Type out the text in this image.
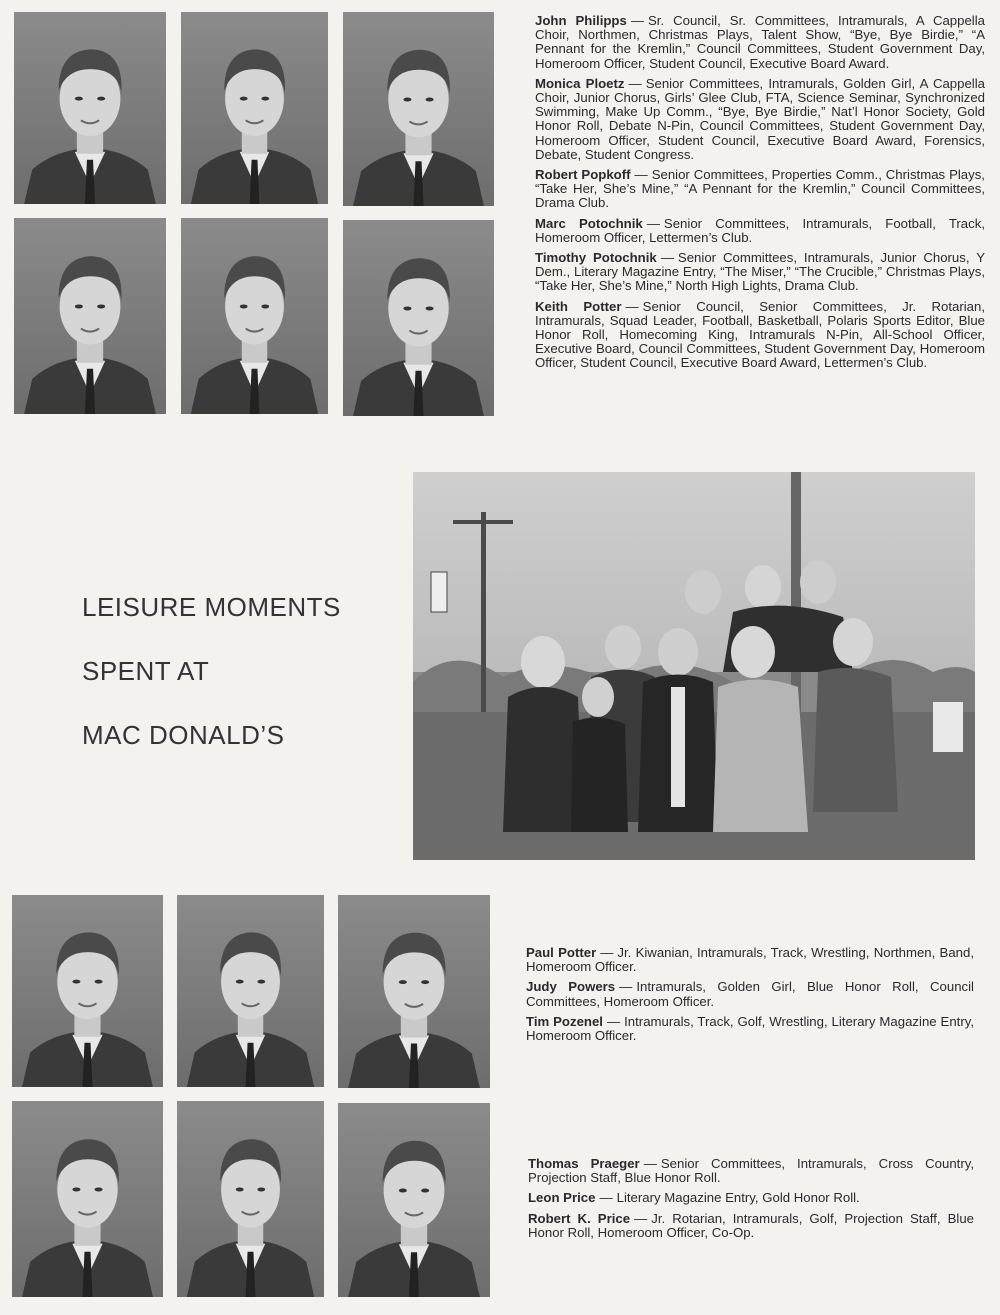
John Philipps — Sr. Council, Sr. Committees, Intramurals, A Cappella Choir, Northmen, Christmas Plays, Talent Show, “Bye, Bye Birdie,” “A Pennant for the Kremlin,” Council Committees, Student Government Day, Homeroom Officer, Student Council, Executive Board Award.

Monica Ploetz — Senior Committees, Intramurals, Golden Girl, A Cappella Choir, Junior Chorus, Girls’ Glee Club, FTA, Science Seminar, Synchronized Swimming, Make Up Comm., “Bye, Bye Birdie,” Nat’l Honor Society, Gold Honor Roll, Debate N-Pin, Council Committees, Student Government Day, Homeroom Officer, Student Council, Executive Board Award, Forensics, Debate, Student Congress.

Robert Popkoff — Senior Committees, Properties Comm., Christmas Plays, “Take Her, She’s Mine,” “A Pennant for the Kremlin,” Council Committees, Drama Club.

Marc Potochnik — Senior Committees, Intramurals, Football, Track, Homeroom Officer, Lettermen’s Club.

Timothy Potochnik — Senior Committees, Intramurals, Junior Chorus, Y Dem., Literary Magazine Entry, “The Miser,” “The Crucible,” Christmas Plays, “Take Her, She’s Mine,” North High Lights, Drama Club.

Keith Potter — Senior Council, Senior Committees, Jr. Rotarian, Intramurals, Squad Leader, Football, Basketball, Polaris Sports Editor, Blue Honor Roll, Homecoming King, Intramurals N-Pin, All-School Officer, Executive Board, Council Committees, Student Government Day, Homeroom Officer, Student Council, Executive Board Award, Lettermen’s Club.

LEISURE MOMENTS
SPENT AT
MAC DONALD’S

Paul Potter — Jr. Kiwanian, Intramurals, Track, Wrestling, Northmen, Band, Homeroom Officer.

Judy Powers — Intramurals, Golden Girl, Blue Honor Roll, Council Committees, Homeroom Officer.

Tim Pozenel — Intramurals, Track, Golf, Wrestling, Literary Magazine Entry, Homeroom Officer.

Thomas Praeger — Senior Committees, Intramurals, Cross Country, Projection Staff, Blue Honor Roll.

Leon Price — Literary Magazine Entry, Gold Honor Roll.

Robert K. Price — Jr. Rotarian, Intramurals, Golf, Projection Staff, Blue Honor Roll, Homeroom Officer, Co-Op.
